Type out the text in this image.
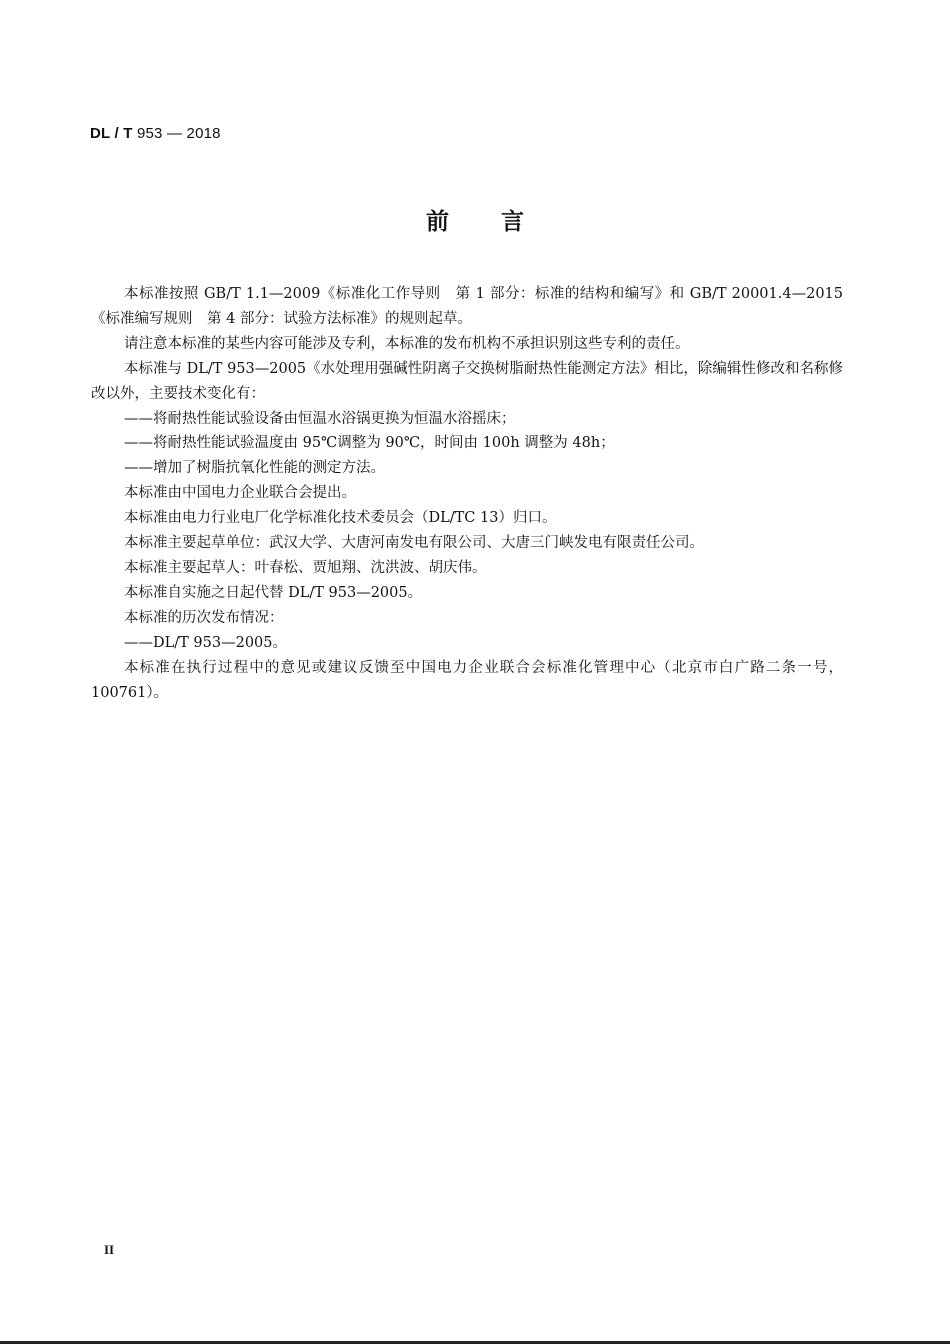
DL / T 953 — 2018
前 言

本标准按照 GB/T 1.1—2009《标准化工作导则　第 1 部分：标准的结构和编写》和 GB/T 20001.4—2015《标准编写规则　第 4 部分：试验方法标准》的规则起草。

请注意本标准的某些内容可能涉及专利，本标准的发布机构不承担识别这些专利的责任。

本标准与 DL/T 953—2005《水处理用强碱性阴离子交换树脂耐热性能测定方法》相比，除编辑性修改和名称修改以外，主要技术变化有：

——将耐热性能试验设备由恒温水浴锅更换为恒温水浴摇床；

——将耐热性能试验温度由 95℃调整为 90℃，时间由 100h 调整为 48h；

——增加了树脂抗氧化性能的测定方法。

本标准由中国电力企业联合会提出。

本标准由电力行业电厂化学标准化技术委员会（DL/TC 13）归口。

本标准主要起草单位：武汉大学、大唐河南发电有限公司、大唐三门峡发电有限责任公司。

本标准主要起草人：叶春松、贾旭翔、沈洪波、胡庆伟。

本标准自实施之日起代替 DL/T 953—2005。

本标准的历次发布情况：

——DL/T 953—2005。

本标准在执行过程中的意见或建议反馈至中国电力企业联合会标准化管理中心（北京市白广路二条一号，100761）。

II
